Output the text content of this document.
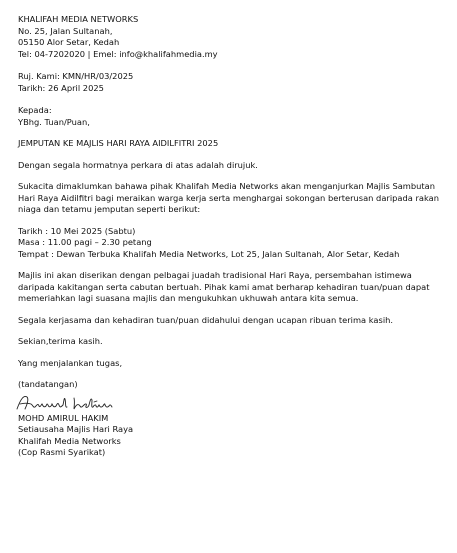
KHALIFAH MEDIA NETWORKS
No. 25, Jalan Sultanah,
05150 Alor Setar, Kedah
Tel: 04-7202020 | Emel: info@khalifahmedia.my
Ruj. Kami: KMN/HR/03/2025
Tarikh: 26 April 2025
Kepada:
YBhg. Tuan/Puan,
JEMPUTAN KE MAJLIS HARI RAYA AIDILFITRI 2025
Dengan segala hormatnya perkara di atas adalah dirujuk.
Sukacita dimaklumkan bahawa pihak Khalifah Media Networks akan menganjurkan Majlis Sambutan Hari Raya Aidilfitri bagi meraikan warga kerja serta menghargai sokongan berterusan daripada rakan niaga dan tetamu jemputan seperti berikut:
Tarikh : 10 Mei 2025 (Sabtu)
Masa : 11.00 pagi – 2.30 petang
Tempat : Dewan Terbuka Khalifah Media Networks, Lot 25, Jalan Sultanah, Alor Setar, Kedah
Majlis ini akan diserikan dengan pelbagai juadah tradisional Hari Raya, persembahan istimewa daripada kakitangan serta cabutan bertuah. Pihak kami amat berharap kehadiran tuan/puan dapat memeriahkan lagi suasana majlis dan mengukuhkan ukhuwah antara kita semua.
Segala kerjasama dan kehadiran tuan/puan didahului dengan ucapan ribuan terima kasih.
Sekian,terima kasih.
Yang menjalankan tugas,
(tandatangan)
MOHD AMIRUL HAKIM
Setiausaha Majlis Hari Raya
Khalifah Media Networks
(Cop Rasmi Syarikat)
